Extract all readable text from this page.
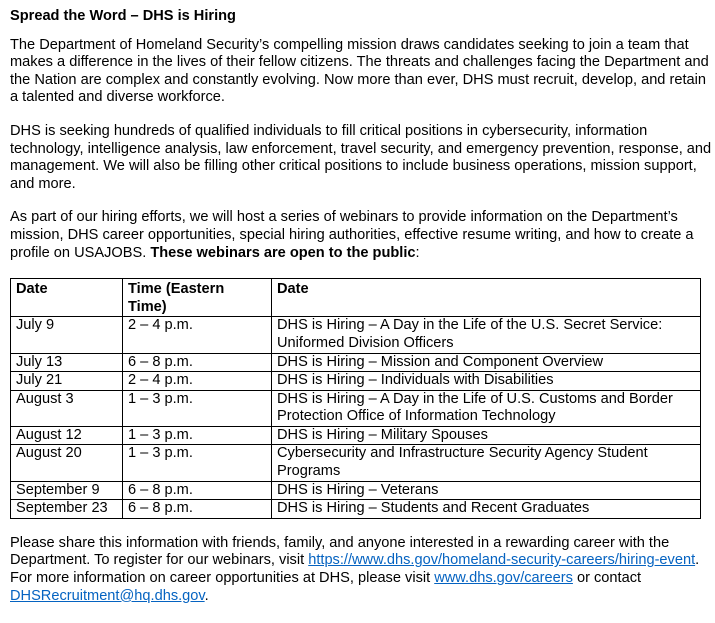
Spread the Word – DHS is Hiring

The Department of Homeland Security’s compelling mission draws candidates seeking to join a team that makes a difference in the lives of their fellow citizens. The threats and challenges facing the Department and the Nation are complex and constantly evolving. Now more than ever, DHS must recruit, develop, and retain a talented and diverse workforce.

DHS is seeking hundreds of qualified individuals to fill critical positions in cybersecurity, information technology, intelligence analysis, law enforcement, travel security, and emergency prevention, response, and management. We will also be filling other critical positions to include business operations, mission support, and more.

As part of our hiring efforts, we will host a series of webinars to provide information on the Department’s mission, DHS career opportunities, special hiring authorities, effective resume writing, and how to create a profile on USAJOBS. These webinars are open to the public:

Date	Time (Eastern Time)	Date
July 9	2 – 4 p.m.	DHS is Hiring – A Day in the Life of the U.S. Secret Service: Uniformed Division Officers
July 13	6 – 8 p.m.	DHS is Hiring – Mission and Component Overview
July 21	2 – 4 p.m.	DHS is Hiring – Individuals with Disabilities
August 3	1 – 3 p.m.	DHS is Hiring – A Day in the Life of U.S. Customs and Border Protection Office of Information Technology
August 12	1 – 3 p.m.	DHS is Hiring – Military Spouses
August 20	1 – 3 p.m.	Cybersecurity and Infrastructure Security Agency Student Programs
September 9	6 – 8 p.m.	DHS is Hiring – Veterans
September 23	6 – 8 p.m.	DHS is Hiring – Students and Recent Graduates

Please share this information with friends, family, and anyone interested in a rewarding career with the Department. To register for our webinars, visit https://www.dhs.gov/homeland-security-careers/hiring-event. For more information on career opportunities at DHS, please visit www.dhs.gov/careers or contact DHSRecruitment@hq.dhs.gov.
